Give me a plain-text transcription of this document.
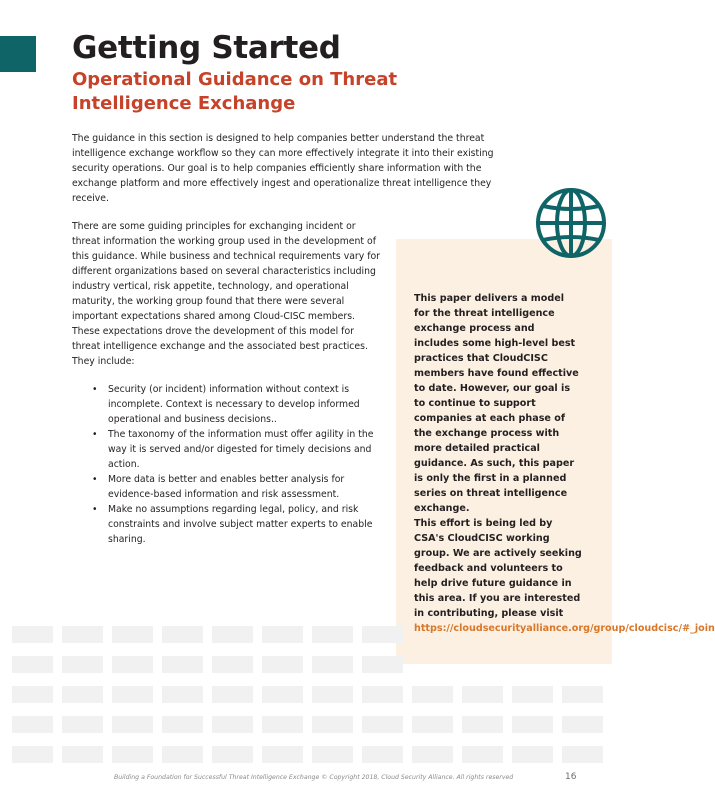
Getting Started
Operational Guidance on Threat Intelligence Exchange

The guidance in this section is designed to help companies better understand the threat intelligence exchange workflow so they can more effectively integrate it into their existing security operations. Our goal is to help companies efficiently share information with the exchange platform and more effectively ingest and operationalize threat intelligence they receive.

There are some guiding principles for exchanging incident or threat information the working group used in the development of this guidance. While business and technical requirements vary for different organizations based on several characteristics including industry vertical, risk appetite, technology, and operational maturity, the working group found that there were several important expectations shared among Cloud-CISC members. These expectations drove the development of this model for threat intelligence exchange and the associated best practices. They include:

• Security (or incident) information without context is incomplete. Context is necessary to develop informed operational and business decisions..
• The taxonomy of the information must offer agility in the way it is served and/or digested for timely decisions and action.
• More data is better and enables better analysis for evidence-based information and risk assessment.
• Make no assumptions regarding legal, policy, and risk constraints and involve subject matter experts to enable sharing.

This paper delivers a model for the threat intelligence exchange process and includes some high-level best practices that CloudCISC members have found effective to date. However, our goal is to continue to support companies at each phase of the exchange process with more detailed practical guidance. As such, this paper is only the first in a planned series on threat intelligence exchange.

This effort is being led by CSA's CloudCISC working group. We are actively seeking feedback and volunteers to help drive future guidance in this area. If you are interested in contributing, please visit https://cloudsecurityalliance.org/group/cloudcisc/#_join

Building a Foundation for Successful Threat Intelligence Exchange © Copyright 2018, Cloud Security Alliance. All rights reserved	16
